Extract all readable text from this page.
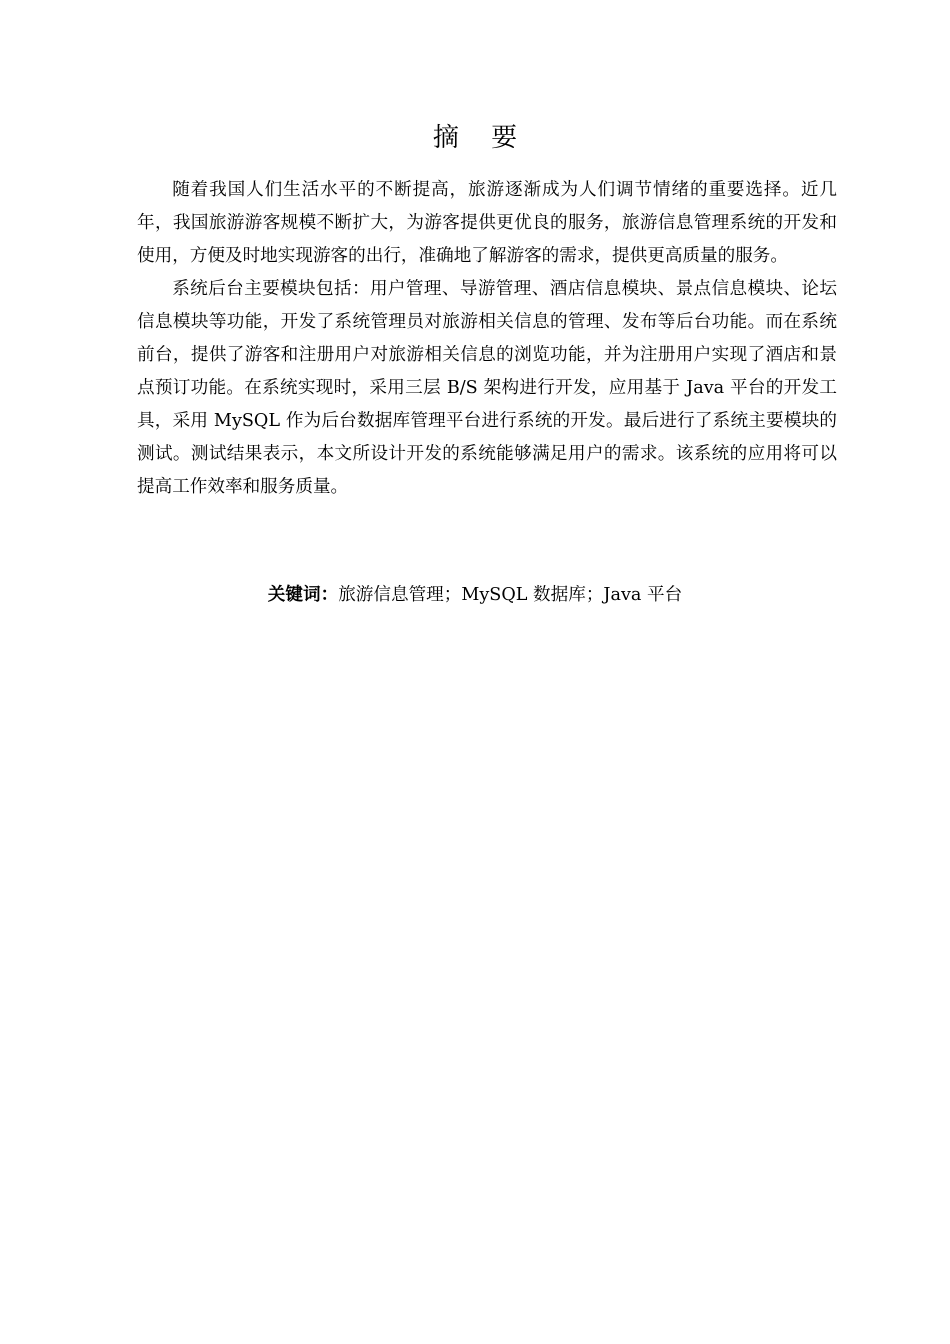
摘 要

随着我国人们生活水平的不断提高，旅游逐渐成为人们调节情绪的重要选择。近几年，我国旅游游客规模不断扩大，为游客提供更优良的服务，旅游信息管理系统的开发和使用，方便及时地实现游客的出行，准确地了解游客的需求，提供更高质量的服务。

系统后台主要模块包括：用户管理、导游管理、酒店信息模块、景点信息模块、论坛信息模块等功能，开发了系统管理员对旅游相关信息的管理、发布等后台功能。而在系统前台，提供了游客和注册用户对旅游相关信息的浏览功能，并为注册用户实现了酒店和景点预订功能。在系统实现时，采用三层 B/S 架构进行开发，应用基于 Java 平台的开发工具，采用 MySQL 作为后台数据库管理平台进行系统的开发。最后进行了系统主要模块的测试。测试结果表示，本文所设计开发的系统能够满足用户的需求。该系统的应用将可以提高工作效率和服务质量。

关键词：旅游信息管理；MySQL 数据库；Java 平台
